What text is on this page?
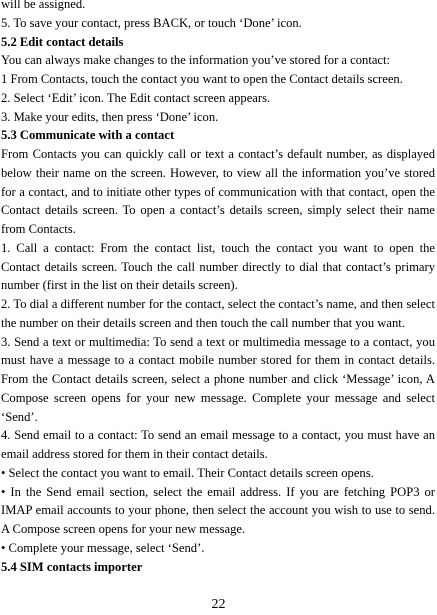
will be assigned.
5. To save your contact, press BACK, or touch ‘Done’ icon.
5.2 Edit contact details
You can always make changes to the information you’ve stored for a contact:
1 From Contacts, touch the contact you want to open the Contact details screen.
2. Select ‘Edit’ icon. The Edit contact screen appears.
3. Make your edits, then press ‘Done’ icon.
5.3 Communicate with a contact
From Contacts you can quickly call or text a contact’s default number, as displayed below their name on the screen. However, to view all the information you’ve stored for a contact, and to initiate other types of communication with that contact, open the Contact details screen. To open a contact’s details screen, simply select their name from Contacts.
1. Call a contact: From the contact list, touch the contact you want to open the Contact details screen. Touch the call number directly to dial that contact’s primary number (first in the list on their details screen).
2. To dial a different number for the contact, select the contact’s name, and then select the number on their details screen and then touch the call number that you want.
3. Send a text or multimedia: To send a text or multimedia message to a contact, you must have a message to a contact mobile number stored for them in contact details. From the Contact details screen, select a phone number and click ‘Message’ icon, A Compose screen opens for your new message. Complete your message and select ‘Send’.
4. Send email to a contact: To send an email message to a contact, you must have an email address stored for them in their contact details.
• Select the contact you want to email. Their Contact details screen opens.
• In the Send email section, select the email address. If you are fetching POP3 or IMAP email accounts to your phone, then select the account you wish to use to send. A Compose screen opens for your new message.
• Complete your message, select ‘Send’.
5.4 SIM contacts importer
22
